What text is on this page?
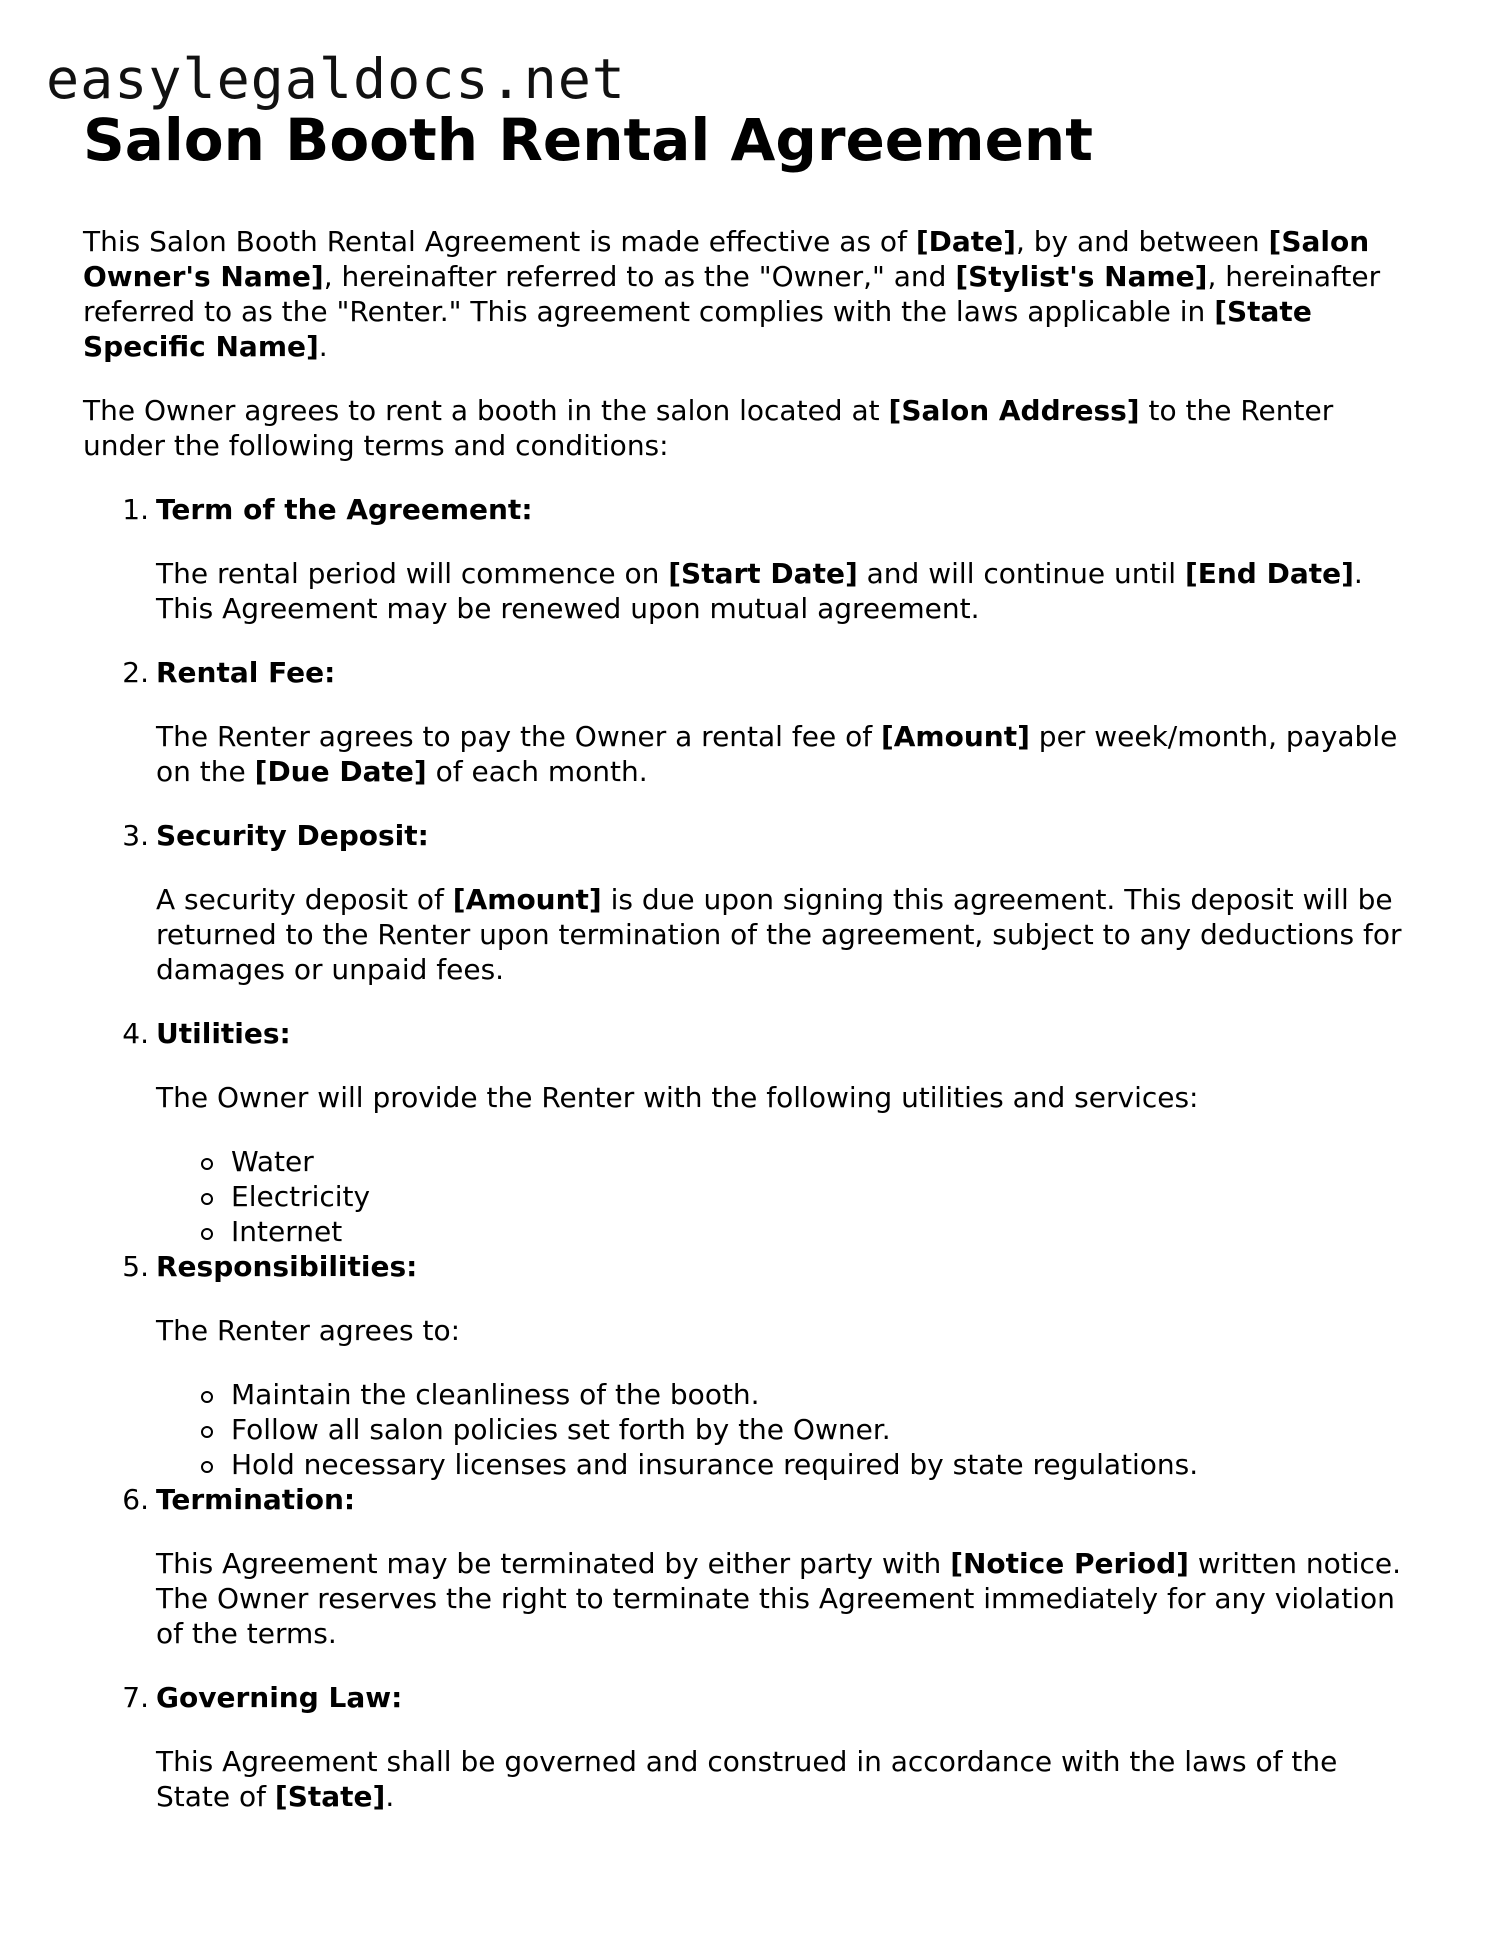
easylegaldocs.net
Salon Booth Rental Agreement

This Salon Booth Rental Agreement is made effective as of [Date], by and between [Salon Owner's Name], hereinafter referred to as the "Owner," and [Stylist's Name], hereinafter referred to as the "Renter." This agreement complies with the laws applicable in [State Specific Name].

The Owner agrees to rent a booth in the salon located at [Salon Address] to the Renter under the following terms and conditions:

1. Term of the Agreement:

The rental period will commence on [Start Date] and will continue until [End Date]. This Agreement may be renewed upon mutual agreement.

2. Rental Fee:

The Renter agrees to pay the Owner a rental fee of [Amount] per week/month, payable on the [Due Date] of each month.

3. Security Deposit:

A security deposit of [Amount] is due upon signing this agreement. This deposit will be returned to the Renter upon termination of the agreement, subject to any deductions for damages or unpaid fees.

4. Utilities:

The Owner will provide the Renter with the following utilities and services:

Water
Electricity
Internet
5. Responsibilities:

The Renter agrees to:

Maintain the cleanliness of the booth.
Follow all salon policies set forth by the Owner.
Hold necessary licenses and insurance required by state regulations.
6. Termination:

This Agreement may be terminated by either party with [Notice Period] written notice. The Owner reserves the right to terminate this Agreement immediately for any violation of the terms.

7. Governing Law:

This Agreement shall be governed and construed in accordance with the laws of the State of [State].
